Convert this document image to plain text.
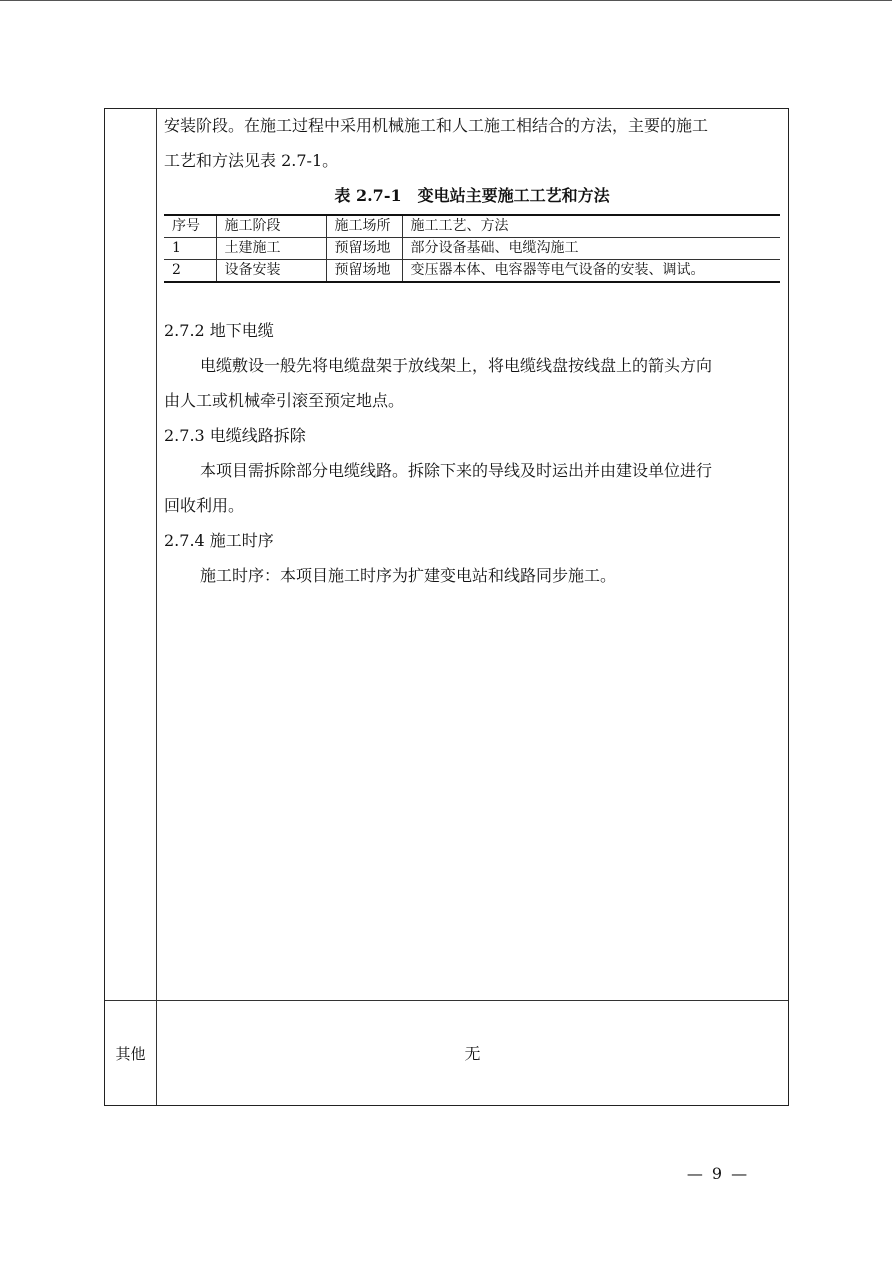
其他	无

安装阶段。在施工过程中采用机械施工和人工施工相结合的方法，主要的施工

工艺和方法见表 2.7-1。

表 2.7-1　变电站主要施工工艺和方法

序号	施工阶段	施工场所	施工工艺、方法
1	土建施工	预留场地	部分设备基础、电缆沟施工
2	设备安装	预留场地	变压器本体、电容器等电气设备的安装、调试。

2.7.2 地下电缆

电缆敷设一般先将电缆盘架于放线架上，将电缆线盘按线盘上的箭头方向

由人工或机械牵引滚至预定地点。

2.7.3 电缆线路拆除

本项目需拆除部分电缆线路。拆除下来的导线及时运出并由建设单位进行

回收利用。

2.7.4 施工时序

施工时序：本项目施工时序为扩建变电站和线路同步施工。

— 9 —
